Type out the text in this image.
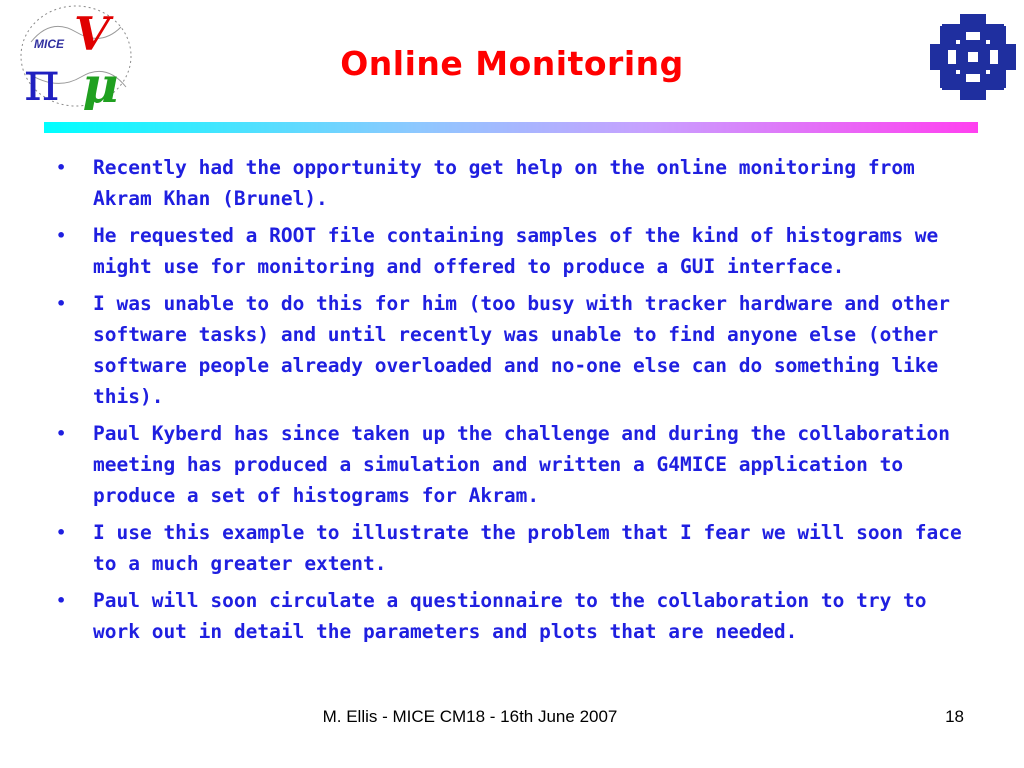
V
MICE
π μ	Online Monitoring
• Recently had the opportunity to get help on the online monitoring from Akram Khan (Brunel).
• He requested a ROOT file containing samples of the kind of histograms we might use for monitoring and offered to produce a GUI interface.
• I was unable to do this for him (too busy with tracker hardware and other software tasks) and until recently was unable to find anyone else (other software people already overloaded and no-one else can do something like this).
• Paul Kyberd has since taken up the challenge and during the collaboration meeting has produced a simulation and written a G4MICE application to produce a set of histograms for Akram.
• I use this example to illustrate the problem that I fear we will soon face to a much greater extent.
• Paul will soon circulate a questionnaire to the collaboration to try to work out in detail the parameters and plots that are needed.
M. Ellis - MICE CM18 - 16th June 2007	18
